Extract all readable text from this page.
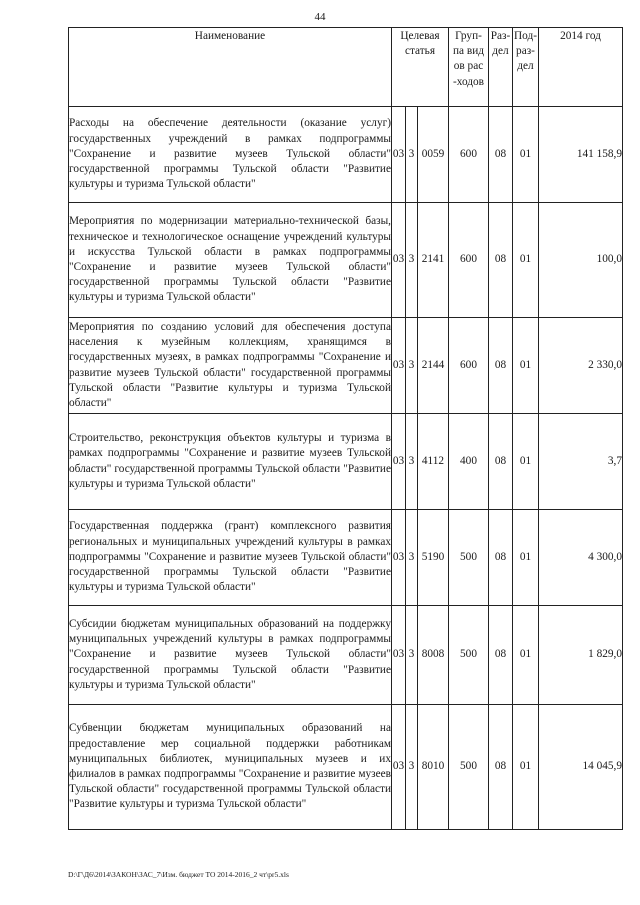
44
Наименование	Целевая статья			Груп-па видов рас-ходов	Раз-дел	Под-раз-дел	2014 год
Расходы на обеспечение деятельности (оказание услуг) государственных учреждений в рамках подпрограммы "Сохранение и развитие музеев Тульской области" государственной программы Тульской области "Развитие культуры и туризма Тульской области"	03	3	0059	600	08	01	141 158,9
Мероприятия по модернизации материально-технической базы, техническое и технологическое оснащение учреждений культуры и искусства Тульской области в рамках подпрограммы "Сохранение и развитие музеев Тульской области" государственной программы Тульской области "Развитие культуры и туризма Тульской области"	03	3	2141	600	08	01	100,0
Мероприятия по созданию условий для обеспечения доступа населения к музейным коллекциям, хранящимся в государственных музеях, в рамках подпрограммы "Сохранение и развитие музеев Тульской области" государственной программы Тульской области "Развитие культуры и туризма Тульской области"	03	3	2144	600	08	01	2 330,0
Строительство, реконструкция объектов культуры и туризма в рамках подпрограммы "Сохранение и развитие музеев Тульской области" государственной программы Тульской области "Развитие культуры и туризма Тульской области"	03	3	4112	400	08	01	3,7
Государственная поддержка (грант) комплексного развития региональных и муниципальных учреждений культуры в рамках подпрограммы "Сохранение и развитие музеев Тульской области" государственной программы Тульской области "Развитие культуры и туризма Тульской области"	03	3	5190	500	08	01	4 300,0
Субсидии бюджетам муниципальных образований на поддержку муниципальных учреждений культуры в рамках подпрограммы "Сохранение и развитие музеев Тульской области" государственной программы Тульской области "Развитие культуры и туризма Тульской области"	03	3	8008	500	08	01	1 829,0
Субвенции бюджетам муниципальных образований на предоставление мер социальной поддержки работникам муниципальных библиотек, муниципальных музеев и их филиалов в рамках подпрограммы "Сохранение и развитие музеев Тульской области" государственной программы Тульской области "Развитие культуры и туризма Тульской области"	03	3	8010	500	08	01	14 045,9
D:\Г\Д6\2014\ЗАКОН\ЗАС_7\Изм. бюджет ТО 2014-2016_2 чт\pr5.xls
